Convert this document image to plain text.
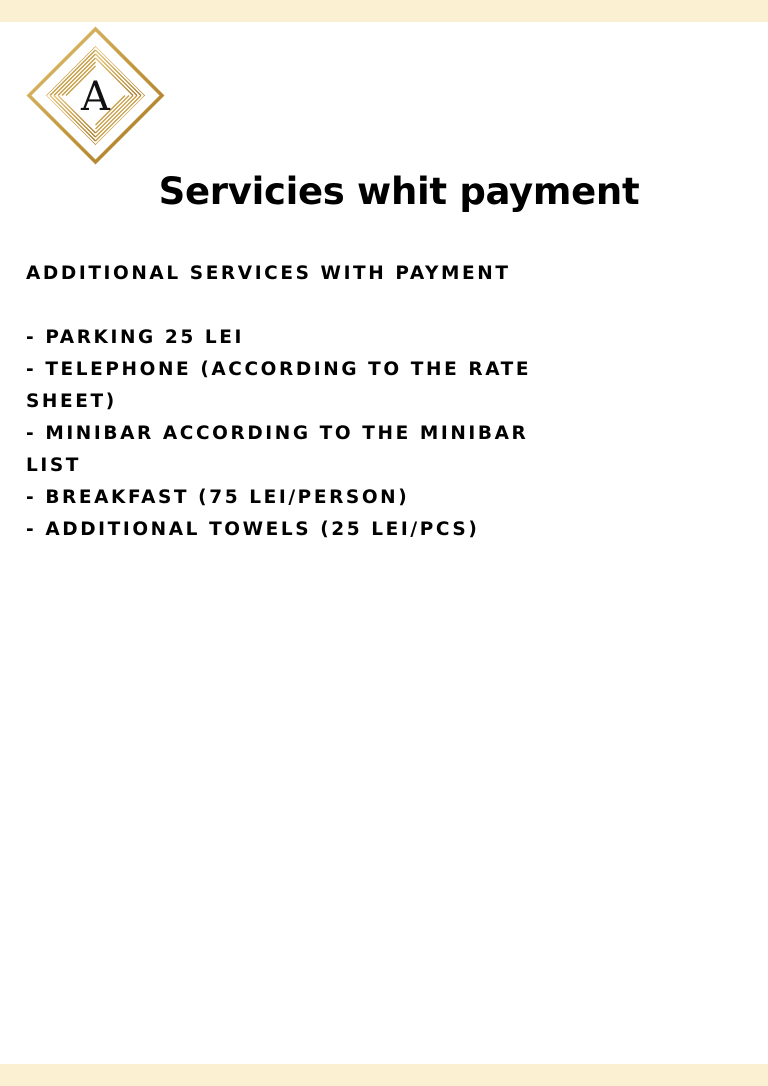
A
Servicies whit payment

ADDITIONAL SERVICES WITH PAYMENT

- PARKING 25 LEI
- TELEPHONE (ACCORDING TO THE RATE SHEET)
- MINIBAR ACCORDING TO THE MINIBAR LIST
- BREAKFAST (75 LEI/PERSON)
- ADDITIONAL TOWELS (25 LEI/PCS)
